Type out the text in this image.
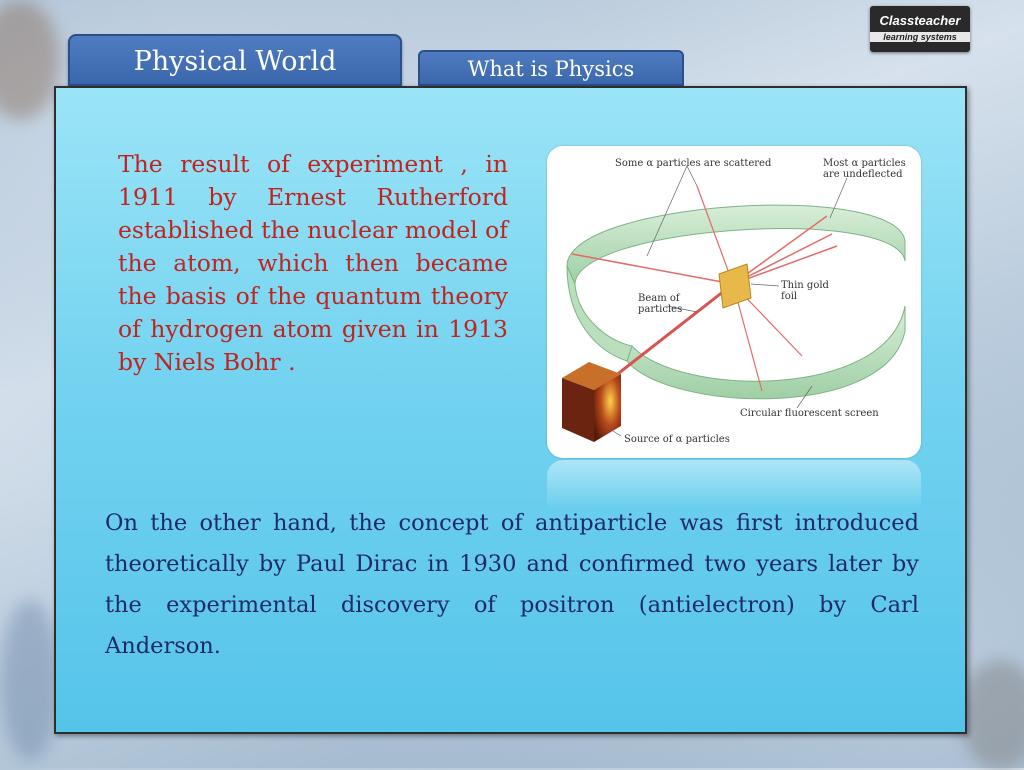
Classteacher
learning systems
Physical World	What is Physics

The result of experiment , in 1911 by Ernest Rutherford established the nuclear model of the atom, which then became the basis of the quantum theory of hydrogen atom given in 1913 by Niels Bohr .

Some α particles are scattered	Most α particles
are undeflected
Thin gold
foil
Beam of
particles
Circular fluorescent screen
Source of α particles

On the other hand, the concept of antiparticle was first introduced theoretically by Paul Dirac in 1930 and confirmed two years later by the experimental discovery of positron (antielectron) by Carl Anderson.
